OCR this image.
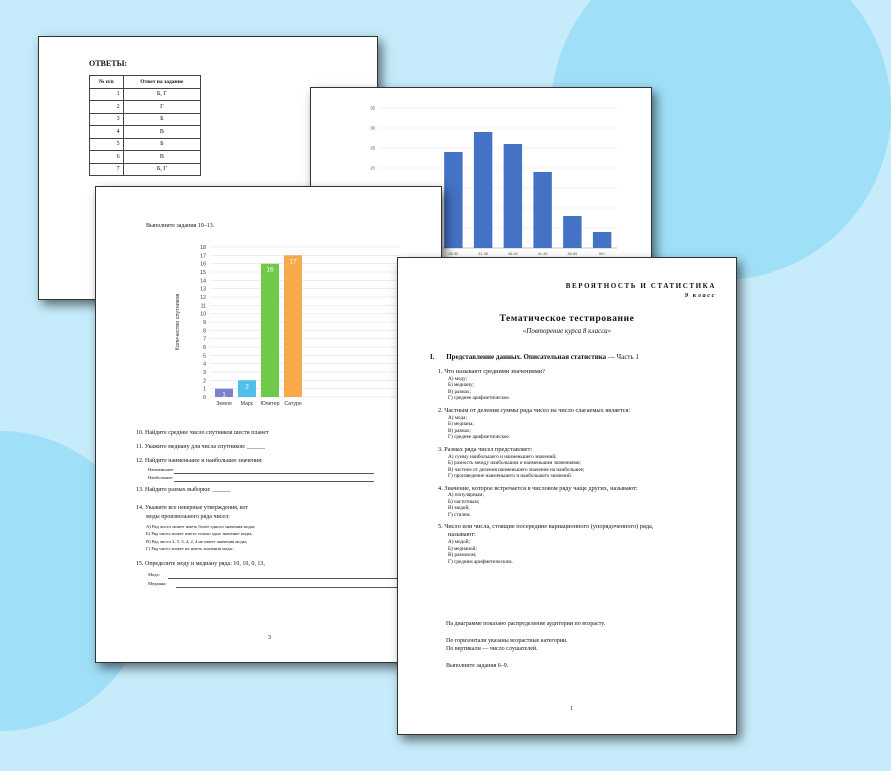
ОТВЕТЫ:
№ п/п	Ответ на задание
1	Б, Г
2	Г
3	Б
4	В
5	Б
6	В
7	Б, Г	20
25
30
35
26-30	31-35	36-40	41-45	46-50	50+
Выполните задания 10–13.
0
1
2
3
4
5
6
7
8
9
10
11
12
13
14
15
16
17
18
Количество спутников
1
Земля
2
Марс
16
Юпитер
17
Сатурн
10. Найдите среднее число спутников шести планет
11. Укажите медиану для числа спутников: ______
12. Найдите наименьшее и наибольшее значения:
Наименьшее:
Наибольшее:
13. Найдите размах выборки: ______
14. Укажите все неверные утверждения, кот
моды произвольного ряда чисел:
А) Ряд чисел может иметь более одного значения моды;
Б) Ряд чисел может иметь только одно значение моды;
В) Ряд чисел 2, 5, 3, 4, 2, 4 не имеет значения моды;
Г) Ряд чисел может не иметь значения моды.
15. Определите моду и медиану ряда: 10, 10, 0, 13,
Мода:
Медиана:
3
ВЕРОЯТНОСТЬ И СТАТИСТИКА
9 класс
Тематическое тестирование
«Повторение курса 8 класса»
I. Представление данных. Описательная статистика — Часть 1
1. Что называют средними значениями?
А) моду;
Б) медиану;
В) размах;
Г) среднее арифметическое.
2. Частным от деления суммы ряда чисел на число слагаемых является:
А) мода;
Б) медиана;
В) размах;
Г) среднее арифметическое.
3. Размах ряда чисел представляет:
А) сумму наибольшего и наименьшего значений;
Б) разность между наибольшим и наименьшим значениями;
В) частное от деления наименьшего значения на наибольшее;
Г) произведение наименьшего и наибольшего значений.
4. Значение, которое встречается в числовом ряду чаще других, называют:
А) популярным;
Б) частотным;
В) модой;
Г) стилем.
5. Число или числа, стоящие посередине вариационного (упорядоченного) ряда,
называют:
А) модой;
Б) медианой;
В) размахом;
Г) средним арифметическим.
На диаграмме показано распределение аудитории по возрасту.
По горизонтали указаны возрастные категории.
По вертикали — число слушателей.
Выполните задания 6–9.
1
